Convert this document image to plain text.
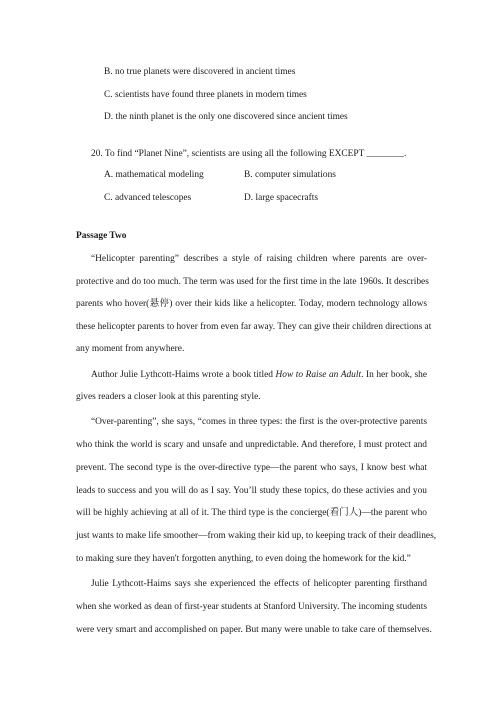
B. no true planets were discovered in ancient times
C. scientists have found three planets in modern times
D. the ninth planet is the only one discovered since ancient times
20. To find “Planet Nine”, scientists are using all the following EXCEPT ________.
A. mathematical modeling	B. computer simulations
C. advanced telescopes	D. large spacecrafts
Passage Two
“Helicopter parenting” describes a style of raising children where parents are over-
protective and do too much. The term was used for the first time in the late 1960s. It describes
parents who hover(悬停) over their kids like a helicopter. Today, modern technology allows
these helicopter parents to hover from even far away. They can give their children directions at
any moment from anywhere.
Author Julie Lythcott-Haims wrote a book titled How to Raise an Adult. In her book, she
gives readers a closer look at this parenting style.
“Over-parenting”, she says, “comes in three types: the first is the over-protective parents
who think the world is scary and unsafe and unpredictable. And therefore, I must protect and
prevent. The second type is the over-directive type—the parent who says, I know best what
leads to success and you will do as I say. You’ll study these topics, do these activies and you
will be highly achieving at all of it. The third type is the concierge(看门人)—the parent who
just wants to make life smoother—from waking their kid up, to keeping track of their deadlines,
to making sure they haven't forgotten anything, to even doing the homework for the kid.”
Julie Lythcott-Haims says she experienced the effects of helicopter parenting firsthand
when she worked as dean of first-year students at Stanford University. The incoming students
were very smart and accomplished on paper. But many were unable to take care of themselves.
